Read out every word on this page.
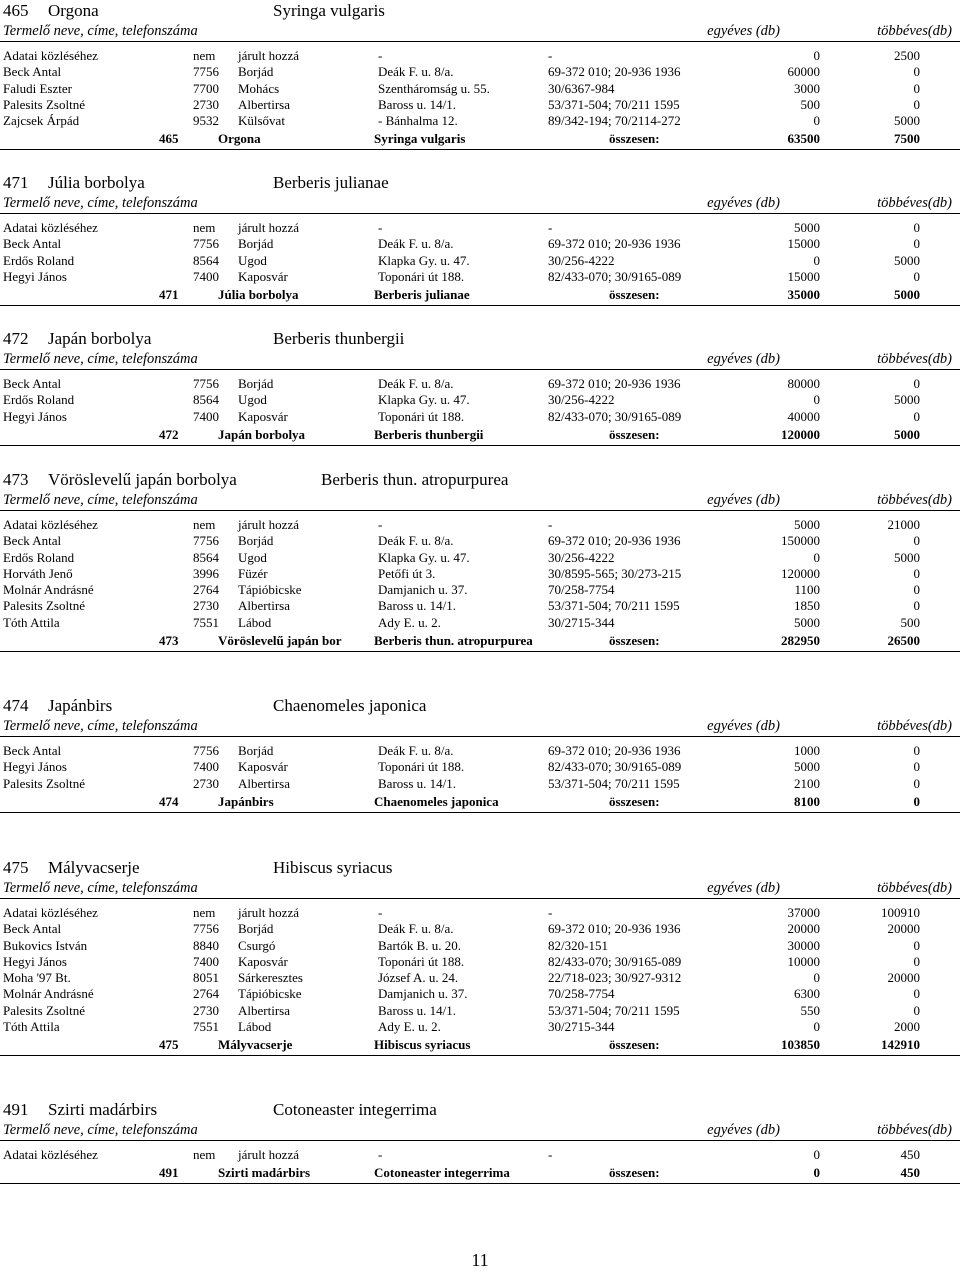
465 Orgona	Syringa vulgaris
Termelő neve, címe, telefonszáma	egyéves (db)	többéves(db)
Adatai közléséhez	nem járult hozzá	-	-	0	2500
Beck Antal	7756 Borjád	Deák F. u. 8/a.	69-372 010; 20-936 1936	60000	0
Faludi Eszter	7700 Mohács	Szentháromság u. 55.	30/6367-984	3000	0
Palesits Zsoltné	2730 Albertirsa	Baross u. 14/1.	53/371-504; 70/211 1595	500	0
Zajcsek Árpád	9532 Külsővat	- Bánhalma 12.	89/342-194; 70/2114-272	0	5000
465	Orgona	Syringa vulgaris	összesen:	63500	7500
471 Júlia borbolya	Berberis julianae
Termelő neve, címe, telefonszáma	egyéves (db)	többéves(db)
Adatai közléséhez	nem járult hozzá	-	-	5000	0
Beck Antal	7756 Borjád	Deák F. u. 8/a.	69-372 010; 20-936 1936	15000	0
Erdős Roland	8564 Ugod	Klapka Gy. u. 47.	30/256-4222	0	5000
Hegyi János	7400 Kaposvár	Toponári út 188.	82/433-070; 30/9165-089	15000	0
471	Júlia borbolya	Berberis julianae	összesen:	35000	5000
472 Japán borbolya	Berberis thunbergii
Termelő neve, címe, telefonszáma	egyéves (db)	többéves(db)
Beck Antal	7756 Borjád	Deák F. u. 8/a.	69-372 010; 20-936 1936	80000	0
Erdős Roland	8564 Ugod	Klapka Gy. u. 47.	30/256-4222	0	5000
Hegyi János	7400 Kaposvár	Toponári út 188.	82/433-070; 30/9165-089	40000	0
472	Japán borbolya	Berberis thunbergii	összesen:	120000	5000
473 Vöröslevelű japán borbolya	Berberis thun. atropurpurea
Termelő neve, címe, telefonszáma	egyéves (db)	többéves(db)
Adatai közléséhez	nem járult hozzá	-	-	5000	21000
Beck Antal	7756 Borjád	Deák F. u. 8/a.	69-372 010; 20-936 1936	150000	0
Erdős Roland	8564 Ugod	Klapka Gy. u. 47.	30/256-4222	0	5000
Horváth Jenő	3996 Füzér	Petőfi út 3.	30/8595-565; 30/273-215	120000	0
Molnár Andrásné	2764 Tápióbicske	Damjanich u. 37.	70/258-7754	1100	0
Palesits Zsoltné	2730 Albertirsa	Baross u. 14/1.	53/371-504; 70/211 1595	1850	0
Tóth Attila	7551 Lábod	Ady E. u. 2.	30/2715-344	5000	500
473	Vöröslevelű japán bor	Berberis thun. atropurpurea	összesen:	282950	26500
474 Japánbirs	Chaenomeles japonica
Termelő neve, címe, telefonszáma	egyéves (db)	többéves(db)
Beck Antal	7756 Borjád	Deák F. u. 8/a.	69-372 010; 20-936 1936	1000	0
Hegyi János	7400 Kaposvár	Toponári út 188.	82/433-070; 30/9165-089	5000	0
Palesits Zsoltné	2730 Albertirsa	Baross u. 14/1.	53/371-504; 70/211 1595	2100	0
474	Japánbirs	Chaenomeles japonica	összesen:	8100	0
475 Mályvacserje	Hibiscus syriacus
Termelő neve, címe, telefonszáma	egyéves (db)	többéves(db)
Adatai közléséhez	nem járult hozzá	-	-	37000	100910
Beck Antal	7756 Borjád	Deák F. u. 8/a.	69-372 010; 20-936 1936	20000	20000
Bukovics István	8840 Csurgó	Bartók B. u. 20.	82/320-151	30000	0
Hegyi János	7400 Kaposvár	Toponári út 188.	82/433-070; 30/9165-089	10000	0
Moha '97 Bt.	8051 Sárkeresztes	József A. u. 24.	22/718-023; 30/927-9312	0	20000
Molnár Andrásné	2764 Tápióbicske	Damjanich u. 37.	70/258-7754	6300	0
Palesits Zsoltné	2730 Albertirsa	Baross u. 14/1.	53/371-504; 70/211 1595	550	0
Tóth Attila	7551 Lábod	Ady E. u. 2.	30/2715-344	0	2000
475	Mályvacserje	Hibiscus syriacus	összesen:	103850	142910
491 Szirti madárbirs	Cotoneaster integerrima
Termelő neve, címe, telefonszáma	egyéves (db)	többéves(db)
Adatai közléséhez	nem járult hozzá	-	-	0	450
491	Szirti madárbirs	Cotoneaster integerrima	összesen:	0	450
11
